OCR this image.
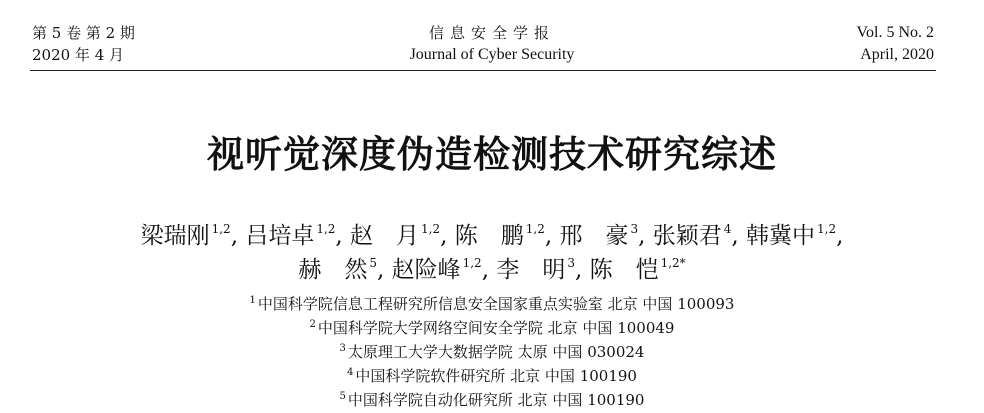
第 5 卷 第 2 期
2020 年 4 月
信息安全学报
Journal of Cyber Security
Vol. 5 No. 2
April, 2020
视听觉深度伪造检测技术研究综述
梁瑞刚 $^{1,2}$, 吕培卓 $^{1,2}$, 赵　月 $^{1,2}$, 陈　鹏 $^{1,2}$, 邢　豪 $^3$, 张颖君 $^4$, 韩冀中 $^{1,2}$,
赫　然 $^5$, 赵险峰 $^{1,2}$, 李　明 $^3$, 陈　恺 $^{1,2*}$
$^1$ 中国科学院信息工程研究所信息安全国家重点实验室 北京 中国 100093
$^2$ 中国科学院大学网络空间安全学院 北京 中国 100049
$^3$ 太原理工大学大数据学院 太原 中国 030024
$^4$ 中国科学院软件研究所 北京 中国 100190
$^5$ 中国科学院自动化研究所 北京 中国 100190
